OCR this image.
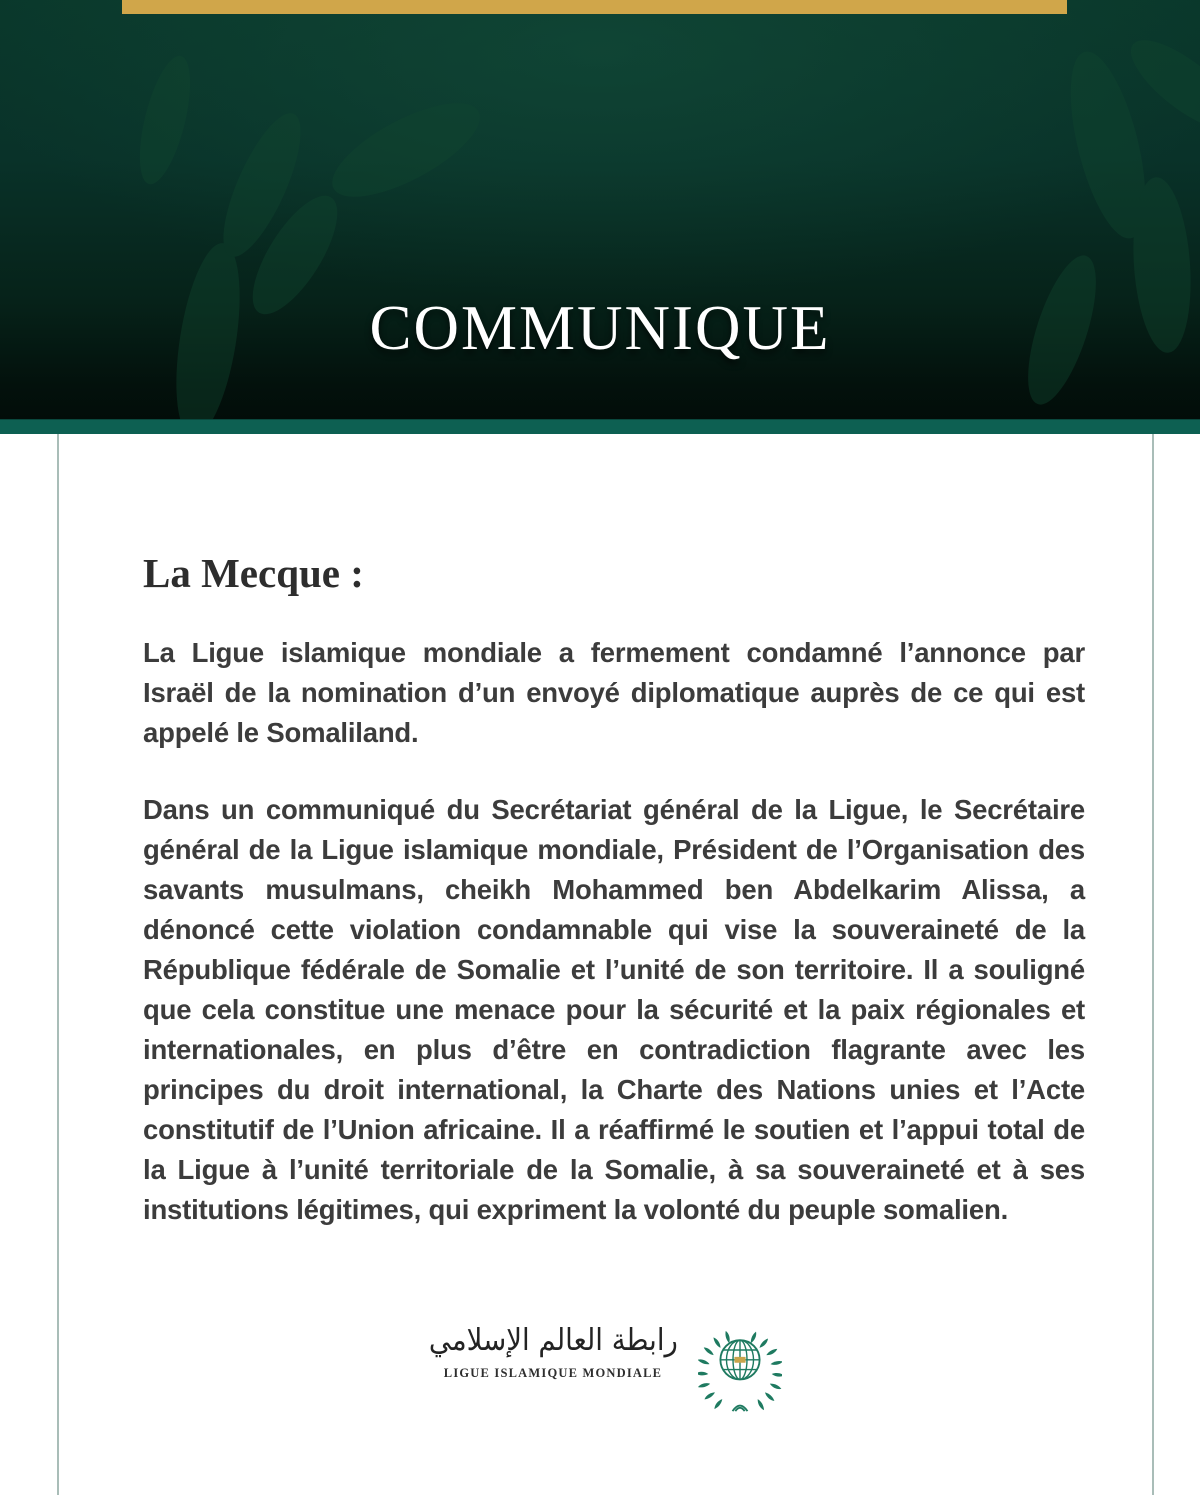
COMMUNIQUE
La Mecque :

La Ligue islamique mondiale a fermement condamné l’annonce par Israël de la nomination d’un envoyé diplomatique auprès de ce qui est appelé le Somaliland.

Dans un communiqué du Secrétariat général de la Ligue, le Secrétaire général de la Ligue islamique mondiale, Président de l’Organisation des savants musulmans, cheikh Mohammed ben Abdelkarim Alissa, a dénoncé cette violation condamnable qui vise la souveraineté de la République fédérale de Somalie et l’unité de son territoire. Il a souligné que cela constitue une menace pour la sécurité et la paix régionales et internationales, en plus d’être en contradiction flagrante avec les principes du droit international, la Charte des Nations unies et l’Acte constitutif de l’Union africaine. Il a réaffirmé le soutien et l’appui total de la Ligue à l’unité territoriale de la Somalie, à sa souveraineté et à ses institutions légitimes, qui expriment la volonté du peuple somalien.

رابطة العالم الإسلامي
LIGUE ISLAMIQUE MONDIALE
